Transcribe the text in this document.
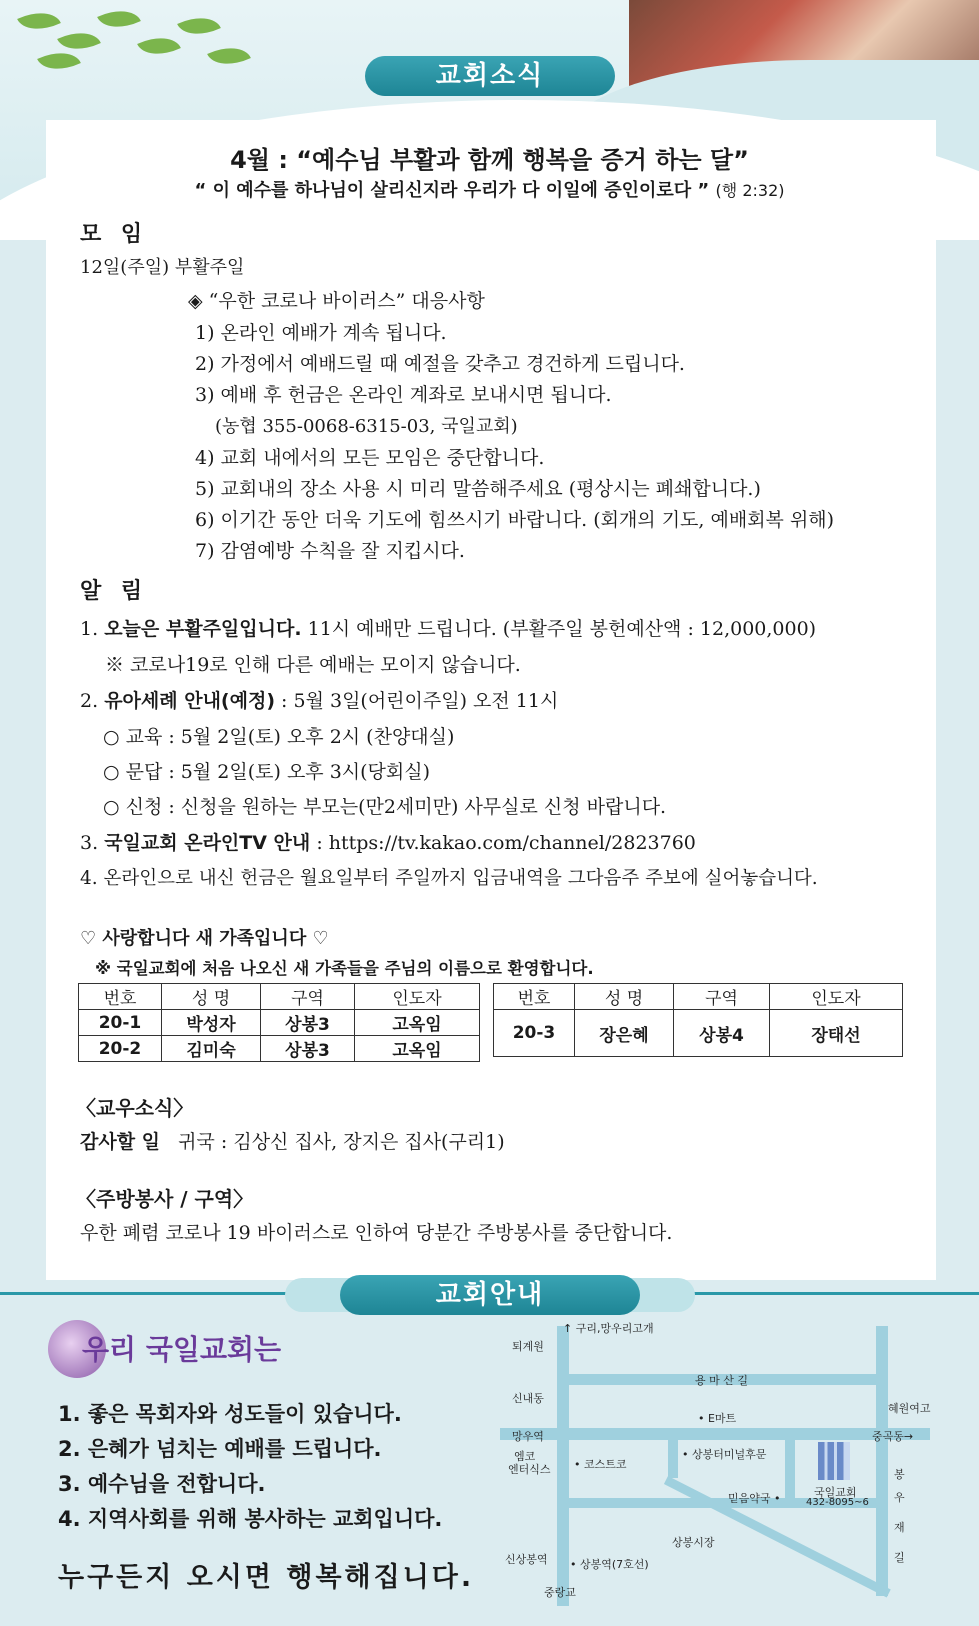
교회소식
4월 : “예수님 부활과 함께 행복을 증거 하는 달”
“ 이 예수를 하나님이 살리신지라 우리가 다 이일에 증인이로다 ” (행 2:32)
모 임
12일(주일) 부활주일
◈ “우한 코로나 바이러스” 대응사항
1) 온라인 예배가 계속 됩니다.
2) 가정에서 예배드릴 때 예절을 갖추고 경건하게 드립니다.
3) 예배 후 헌금은 온라인 계좌로 보내시면 됩니다.
(농협 355-0068-6315-03, 국일교회)
4) 교회 내에서의 모든 모임은 중단합니다.
5) 교회내의 장소 사용 시 미리 말씀해주세요 (평상시는 폐쇄합니다.)
6) 이기간 동안 더욱 기도에 힘쓰시기 바랍니다. (회개의 기도, 예배회복 위해)
7) 감염예방 수칙을 잘 지킵시다.
알 림
1. 오늘은 부활주일입니다. 11시 예배만 드립니다. (부활주일 봉헌예산액 : 12,000,000)
※ 코로나19로 인해 다른 예배는 모이지 않습니다.
2. 유아세례 안내(예정) : 5월 3일(어린이주일) 오전 11시
○ 교육 : 5월 2일(토) 오후 2시 (찬양대실)
○ 문답 : 5월 2일(토) 오후 3시(당회실)
○ 신청 : 신청을 원하는 부모는(만2세미만) 사무실로 신청 바랍니다.
3. 국일교회 온라인TV 안내 : https://tv.kakao.com/channel/2823760
4. 온라인으로 내신 헌금은 월요일부터 주일까지 입금내역을 그다음주 주보에 실어놓습니다.
♡ 사랑합니다 새 가족입니다 ♡
※ 국일교회에 처음 나오신 새 가족들을 주님의 이름으로 환영합니다.
번호	성 명	구역	인도자
20-1	박성자	상봉3	고옥임
20-2	김미숙	상봉3	고옥임
번호	성 명	구역	인도자
20-3	장은혜	상봉4	장태선
〈교우소식〉
감사할 일 귀국 : 김상신 집사, 장지은 집사(구리1)
〈주방봉사 / 구역〉
우한 폐렴 코로나 19 바이러스로 인하여 당분간 주방봉사를 중단합니다.
교회안내
우리 국일교회는
1. 좋은 목회자와 성도들이 있습니다.
2. 은혜가 넘치는 예배를 드립니다.
3. 예수님을 전합니다.
4. 지역사회를 위해 봉사하는 교회입니다.
누구든지 오시면 행복해집니다.
↑ 구리,망우리고개
퇴계원
용 마 산 길
신내동
혜원여고
• E마트
망우역	중곡동→
엠코
엔터식스 • 코스트코
• 상봉터미널후문
국일교회
432-8095~6
믿음약국 •
봉
우
재
길
상봉시장
신상봉역 • 상봉역(7호선)
중랑교
